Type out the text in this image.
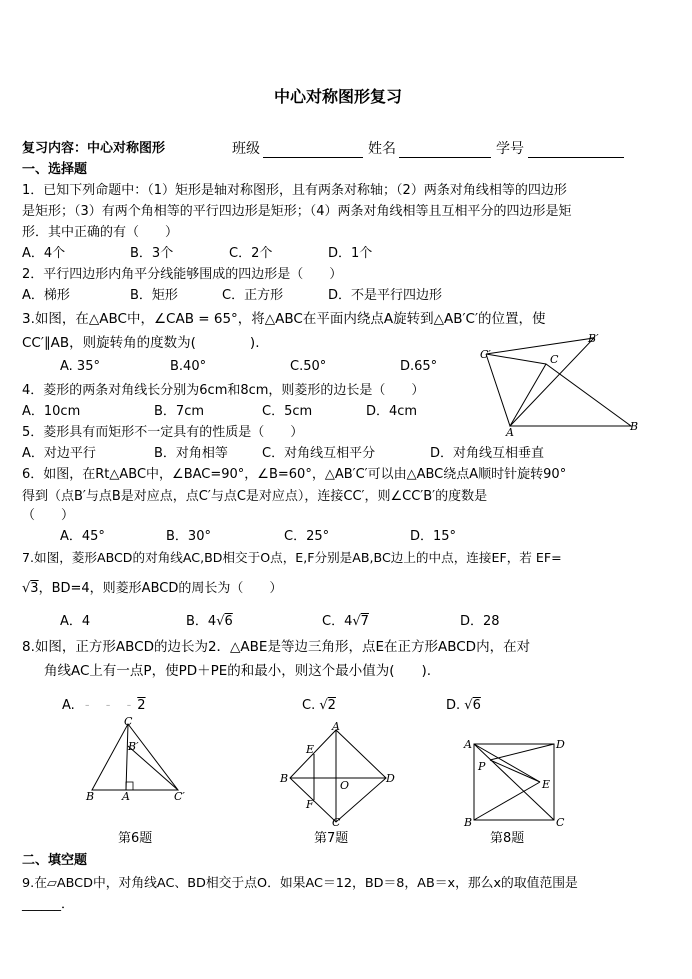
中心对称图形复习
复习内容：中心对称图形	班级	姓名	学号
一、选择题
1．已知下列命题中：（1）矩形是轴对称图形，且有两条对称轴；（2）两条对角线相等的四边形
是矩形；（3）有两个角相等的平行四边形是矩形；（4）两条对角线相等且互相平分的四边形是矩
形．其中正确的有（　　）
A．4个	B．3个	C．2个	D．1个
2．平行四边形内角平分线能够围成的四边形是（　　）
A．梯形	B．矩形	C．正方形	D．不是平行四边形
3.如图，在△ABC中，∠CAB = 65°，将△ABC在平面内绕点A旋转到△AB′C′的位置，使
CC′∥AB，则旋转角的度数为(　　　　).
A. 35°	B.40°	C.50°	D.65°
C′
B′
C
A	B
4．菱形的两条对角线长分别为6cm和8cm，则菱形的边长是（　　）
A．10cm	B．7cm	C．5cm	D．4cm
5．菱形具有而矩形不一定具有的性质是（　　）
A．对边平行	B．对角相等	C．对角线互相平分	D．对角线互相垂直
6．如图，在Rt△ABC中，∠BAC=90°，∠B=60°，△AB′C′可以由△ABC绕点A顺时针旋转90°
得到（点B′与点B是对应点，点C′与点C是对应点），连接CC′，则∠CC′B′的度数是
（　　）
A．45°	B．30°	C．25°	D．15°
7.如图，菱形ABCD的对角线AC,BD相交于O点，E,F分别是AB,BC边上的中点，连接EF，若 EF=
√3，BD=4，则菱形ABCD的周长为（　　）
A．4	B．4√6	C．4√7	D．28
8.如图，正方形ABCD的边长为2．△ABE是等边三角形，点E在正方形ABCD内，在对
角线AC上有一点P，使PD＋PE的和最小，则这个最小值为(　　).
A. - - -2	C. √2	D. √6
C
B′
B	A	C′
第6题
A
E
B
O
D
F
C
第7题
A	D
P
E
B	C
第8题
二、填空题
9.在▱ABCD中，对角线AC、BD相交于点O．如果AC＝12，BD＝8，AB＝x，那么x的取值范围是
______．
